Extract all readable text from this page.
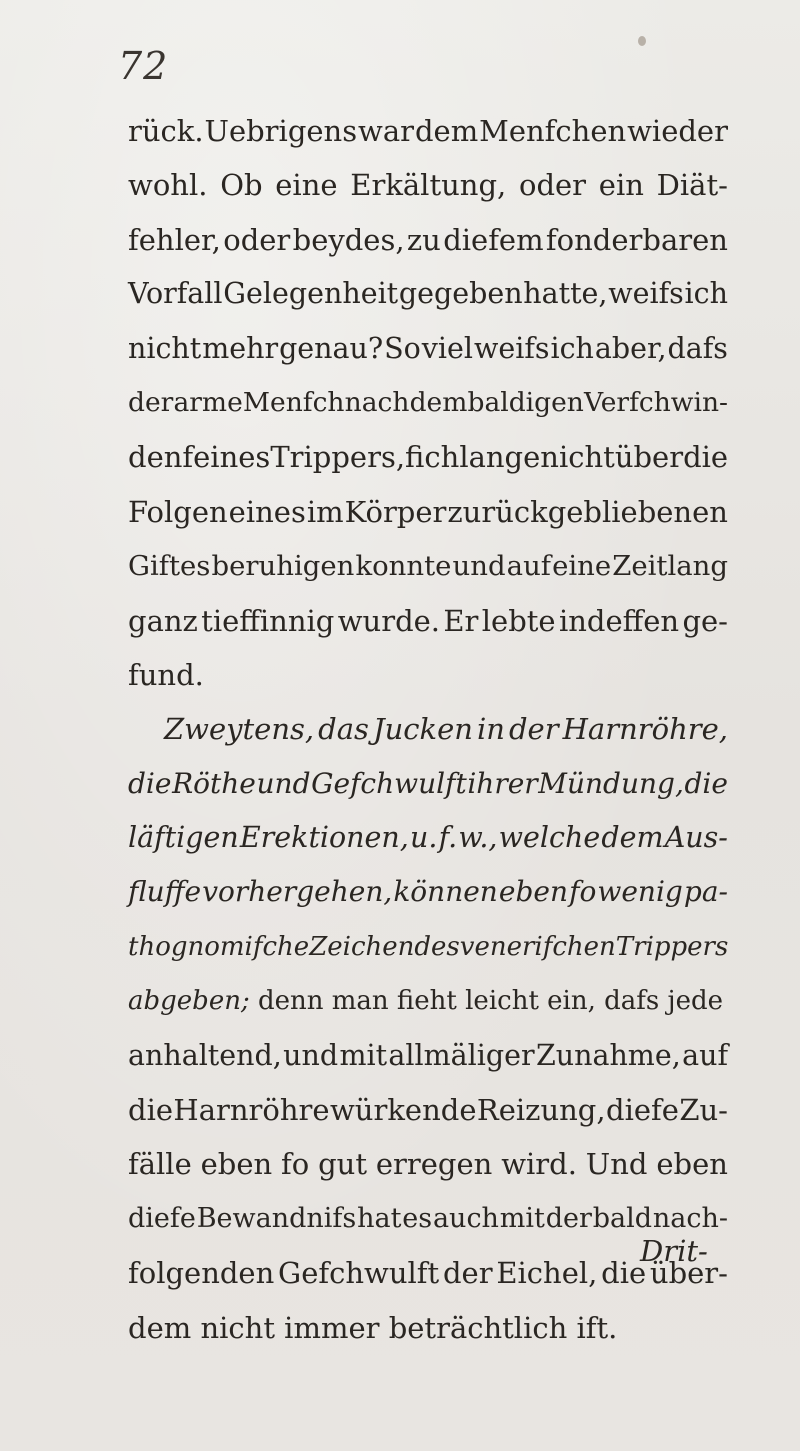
72
rück. Uebrigens war dem Menfchen wieder
wohl. Ob eine Erkältung, oder ein Diät-
fehler, oder beydes, zu diefem fonderbaren
Vorfall Gelegenheit gegeben hatte, weifs ich
nicht mehr genau? So viel weifs ich aber, dafs
der arme Menfch nach dem baldigen Verfchwin-
den feines Trippers, fich lange nicht über die
Folgen eines im Körper zurückgebliebenen
Giftes beruhigen konnte und auf eine Zeitlang
ganz tieffinnig wurde. Er lebte indeffen ge-
fund.
Zweytens, das Jucken in der Harnröhre,
die Röthe und Gefchwulft ihrer Mündung, die
läftigen Erektionen, u. f. w., welche dem Aus-
fluffe vorhergehen, können eben fo wenig pa-
thognomifche Zeichen des venerifchen Trippers
abgeben; denn man fieht leicht ein, dafs jede
anhaltend, und mit allmäliger Zunahme, auf
die Harnröhre würkende Reizung, diefe Zu-
fälle eben fo gut erregen wird. Und eben
diefe Bewandnifs hat es auch mit der bald nach-
folgenden Gefchwulft der Eichel, die über-
dem nicht immer beträchtlich ift.
Drit-
